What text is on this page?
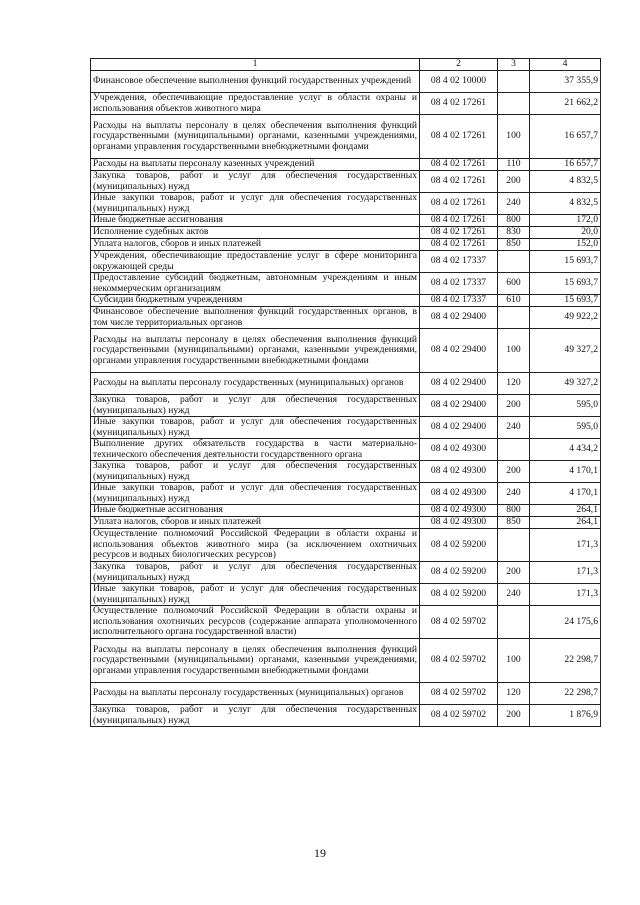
1	2	3	4
Финансовое обеспечение выполнения функций государственных учреждений	08 4 02 10000		37 355,9
Учреждения, обеспечивающие предоставление услуг в области охраны и использования объектов животного мира	08 4 02 17261		21 662,2
Расходы на выплаты персоналу в целях обеспечения выполнения функций государственными (муниципальными) органами, казенными учреждениями, органами управления государственными внебюджетными фондами	08 4 02 17261	100	16 657,7
Расходы на выплаты персоналу казенных учреждений	08 4 02 17261	110	16 657,7
Закупка товаров, работ и услуг для обеспечения государственных (муниципальных) нужд	08 4 02 17261	200	4 832,5
Иные закупки товаров, работ и услуг для обеспечения государственных (муниципальных) нужд	08 4 02 17261	240	4 832,5
Иные бюджетные ассигнования	08 4 02 17261	800	172,0
Исполнение судебных актов	08 4 02 17261	830	20,0
Уплата налогов, сборов и иных платежей	08 4 02 17261	850	152,0
Учреждения, обеспечивающие предоставление услуг в сфере мониторинга окружающей среды	08 4 02 17337		15 693,7
Предоставление субсидий бюджетным, автономным учреждениям и иным некоммерческим организациям	08 4 02 17337	600	15 693,7
Субсидии бюджетным учреждениям	08 4 02 17337	610	15 693,7
Финансовое обеспечение выполнения функций государственных органов, в том числе территориальных органов	08 4 02 29400		49 922,2
Расходы на выплаты персоналу в целях обеспечения выполнения функций государственными (муниципальными) органами, казенными учреждениями, органами управления государственными внебюджетными фондами	08 4 02 29400	100	49 327,2
Расходы на выплаты персоналу государственных (муниципальных) органов	08 4 02 29400	120	49 327,2
Закупка товаров, работ и услуг для обеспечения государственных (муниципальных) нужд	08 4 02 29400	200	595,0
Иные закупки товаров, работ и услуг для обеспечения государственных (муниципальных) нужд	08 4 02 29400	240	595,0
Выполнение других обязательств государства в части материально-технического обеспечения деятельности государственного органа	08 4 02 49300		4 434,2
Закупка товаров, работ и услуг для обеспечения государственных (муниципальных) нужд	08 4 02 49300	200	4 170,1
Иные закупки товаров, работ и услуг для обеспечения государственных (муниципальных) нужд	08 4 02 49300	240	4 170,1
Иные бюджетные ассигнования	08 4 02 49300	800	264,1
Уплата налогов, сборов и иных платежей	08 4 02 49300	850	264,1
Осуществление полномочий Российской Федерации в области охраны и использования объектов животного мира (за исключением охотничьих ресурсов и водных биологических ресурсов)	08 4 02 59200		171,3
Закупка товаров, работ и услуг для обеспечения государственных (муниципальных) нужд	08 4 02 59200	200	171,3
Иные закупки товаров, работ и услуг для обеспечения государственных (муниципальных) нужд	08 4 02 59200	240	171,3
Осуществление полномочий Российской Федерации в области охраны и использования охотничьих ресурсов (содержание аппарата уполномоченного исполнительного органа государственной власти)	08 4 02 59702		24 175,6
Расходы на выплаты персоналу в целях обеспечения выполнения функций государственными (муниципальными) органами, казенными учреждениями, органами управления государственными внебюджетными фондами	08 4 02 59702	100	22 298,7
Расходы на выплаты персоналу государственных (муниципальных) органов	08 4 02 59702	120	22 298,7
Закупка товаров, работ и услуг для обеспечения государственных (муниципальных) нужд	08 4 02 59702	200	1 876,9
19
